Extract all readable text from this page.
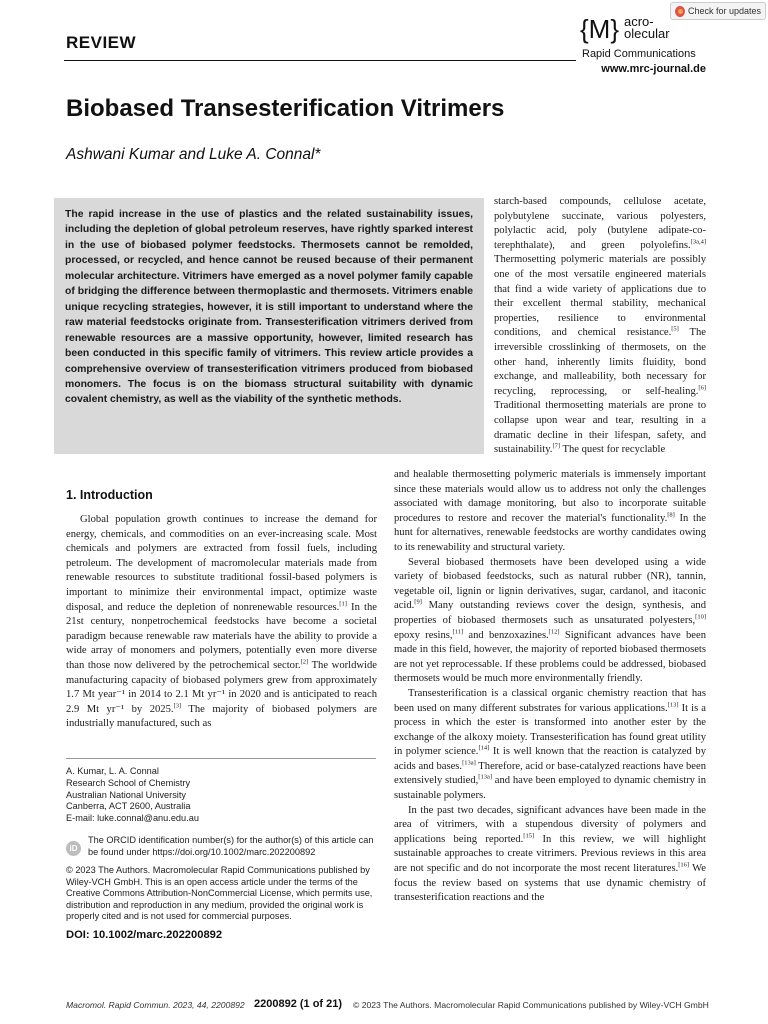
Check for updates
REVIEW	{M} acro-
olecular
Rapid Communications
www.mrc-journal.de
Biobased Transesterification Vitrimers
Ashwani Kumar and Luke A. Connal*

The rapid increase in the use of plastics and the related sustainability issues, including the depletion of global petroleum reserves, have rightly sparked interest in the use of biobased polymer feedstocks. Thermosets cannot be remolded, processed, or recycled, and hence cannot be reused because of their permanent molecular architecture. Vitrimers have emerged as a novel polymer family capable of bridging the difference between thermoplastic and thermosets. Vitrimers enable unique recycling strategies, however, it is still important to understand where the raw material feedstocks originate from. Transesterification vitrimers derived from renewable resources are a massive opportunity, however, limited research has been conducted in this specific family of vitrimers. This review article provides a comprehensive overview of transesterification vitrimers produced from biobased monomers. The focus is on the biomass structural suitability with dynamic covalent chemistry, as well as the viability of the synthetic methods.

starch-based compounds, cellulose acetate, polybutylene succinate, various polyesters, polylactic acid, poly (butylene adipate-co-terephthalate), and green polyolefins.[3a,4] Thermosetting polymeric materials are possibly one of the most versatile engineered materials that find a wide variety of applications due to their excellent thermal stability, mechanical properties, resilience to environmental conditions, and chemical resistance.[5] The irreversible crosslinking of thermosets, on the other hand, inherently limits fluidity, bond exchange, and malleability, both necessary for recycling, reprocessing, or self-healing.[6] Traditional thermosetting materials are prone to collapse upon wear and tear, resulting in a dramatic decline in their lifespan, safety, and sustainability.[7] The quest for recyclable

1. Introduction

Global population growth continues to increase the demand for energy, chemicals, and commodities on an ever-increasing scale. Most chemicals and polymers are extracted from fossil fuels, including petroleum. The development of macromolecular materials made from renewable resources to substitute traditional fossil-based polymers is important to minimize their environmental impact, optimize waste disposal, and reduce the depletion of nonrenewable resources.[1] In the 21st century, nonpetrochemical feedstocks have become a societal paradigm because renewable raw materials have the ability to provide a wide array of monomers and polymers, potentially even more diverse than those now delivered by the petrochemical sector.[2] The worldwide manufacturing capacity of biobased polymers grew from approximately 1.7 Mt year⁻¹ in 2014 to 2.1 Mt yr⁻¹ in 2020 and is anticipated to reach 2.9 Mt yr⁻¹ by 2025.[3] The majority of biobased polymers are industrially manufactured, such as

and healable thermosetting polymeric materials is immensely important since these materials would allow us to address not only the challenges associated with damage monitoring, but also to incorporate suitable procedures to restore and recover the material's functionality.[8] In the hunt for alternatives, renewable feedstocks are worthy candidates owing to its renewability and structural variety.

Several biobased thermosets have been developed using a wide variety of biobased feedstocks, such as natural rubber (NR), tannin, vegetable oil, lignin or lignin derivatives, sugar, cardanol, and itaconic acid.[9] Many outstanding reviews cover the design, synthesis, and properties of biobased thermosets such as unsaturated polyesters,[10] epoxy resins,[11] and benzoxazines.[12] Significant advances have been made in this field, however, the majority of reported biobased thermosets are not yet reprocessable. If these problems could be addressed, biobased thermosets would be much more environmentally friendly.

Transesterification is a classical organic chemistry reaction that has been used on many different substrates for various applications.[13] It is a process in which the ester is transformed into another ester by the exchange of the alkoxy moiety. Transesterification has found great utility in polymer science.[14] It is well known that the reaction is catalyzed by acids and bases.[13a] Therefore, acid or base-catalyzed reactions have been extensively studied,[13a] and have been employed to dynamic chemistry in sustainable polymers.

In the past two decades, significant advances have been made in the area of vitrimers, with a stupendous diversity of polymers and applications being reported.[15] In this review, we will highlight sustainable approaches to create vitrimers. Previous reviews in this area are not specific and do not incorporate the most recent literatures.[16] We focus the review based on systems that use dynamic chemistry of transesterification reactions and the

A. Kumar, L. A. Connal
Research School of Chemistry
Australian National University
Canberra, ACT 2600, Australia
E-mail: luke.connal@anu.edu.au
iD
The ORCID identification number(s) for the author(s) of this article can be found under https://doi.org/10.1002/marc.202200892
© 2023 The Authors. Macromolecular Rapid Communications published by Wiley-VCH GmbH. This is an open access article under the terms of the Creative Commons Attribution-NonCommercial License, which permits use, distribution and reproduction in any medium, provided the original work is properly cited and is not used for commercial purposes.
DOI: 10.1002/marc.202200892
Macromol. Rapid Commun. 2023, 44, 2200892 2200892 (1 of 21) © 2023 The Authors. Macromolecular Rapid Communications published by Wiley-VCH GmbH
